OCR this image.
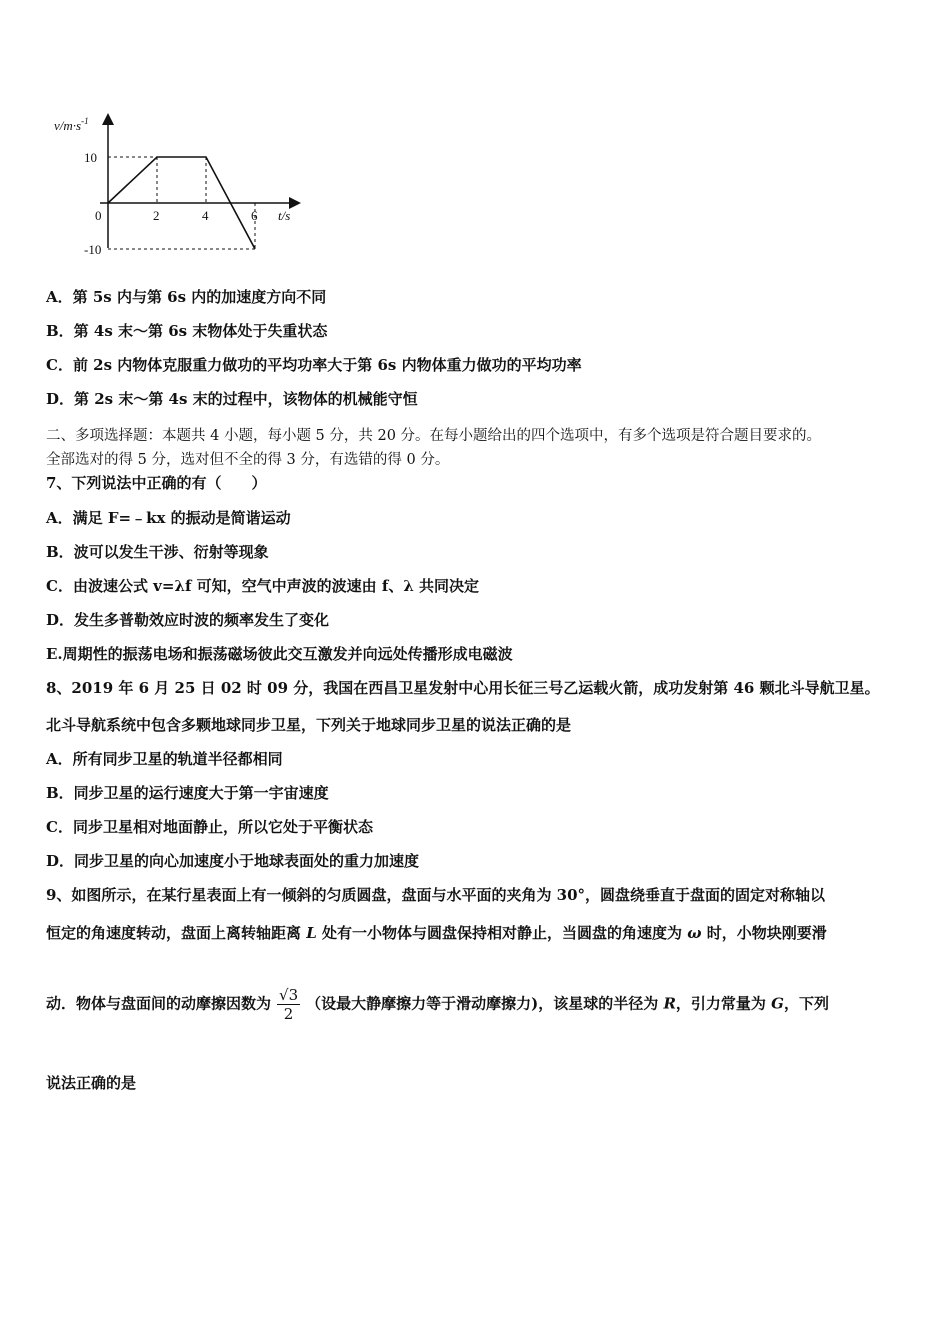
$v/m\cdot s^{-1}$
t/s
0	2	4	6
10
-10
A．第 5s 内与第 6s 内的加速度方向不同
B．第 4s 末～第 6s 末物体处于失重状态
C．前 2s 内物体克服重力做功的平均功率大于第 6s 内物体重力做功的平均功率
D．第 2s 末～第 4s 末的过程中，该物体的机械能守恒
二、多项选择题：本题共 4 小题，每小题 5 分，共 20 分。在每小题给出的四个选项中，有多个选项是符合题目要求的。
全部选对的得 5 分，选对但不全的得 3 分，有选错的得 0 分。
7、下列说法中正确的有（　　）
A．满足 F=﹣kx 的振动是简谐运动
B．波可以发生干涉、衍射等现象
C．由波速公式 v=λf 可知，空气中声波的波速由 f、λ 共同决定
D．发生多普勒效应时波的频率发生了变化
E.周期性的振荡电场和振荡磁场彼此交互激发并向远处传播形成电磁波
8、2019 年 6 月 25 日 02 时 09 分，我国在西昌卫星发射中心用长征三号乙运载火箭，成功发射第 46 颗北斗导航卫星。
北斗导航系统中包含多颗地球同步卫星，下列关于地球同步卫星的说法正确的是
A．所有同步卫星的轨道半径都相同
B．同步卫星的运行速度大于第一宇宙速度
C．同步卫星相对地面静止，所以它处于平衡状态
D．同步卫星的向心加速度小于地球表面处的重力加速度
9、如图所示，在某行星表面上有一倾斜的匀质圆盘，盘面与水平面的夹角为 30°，圆盘绕垂直于盘面的固定对称轴以
恒定的角速度转动，盘面上离转轴距离 L 处有一小物体与圆盘保持相对静止，当圆盘的角速度为 ω 时，小物块刚要滑
动．物体与盘面间的动摩擦因数为 $\frac{√3}{2}$ （设最大静摩擦力等于滑动摩擦力)，该星球的半径为 R，引力常量为 G，下列
说法正确的是
